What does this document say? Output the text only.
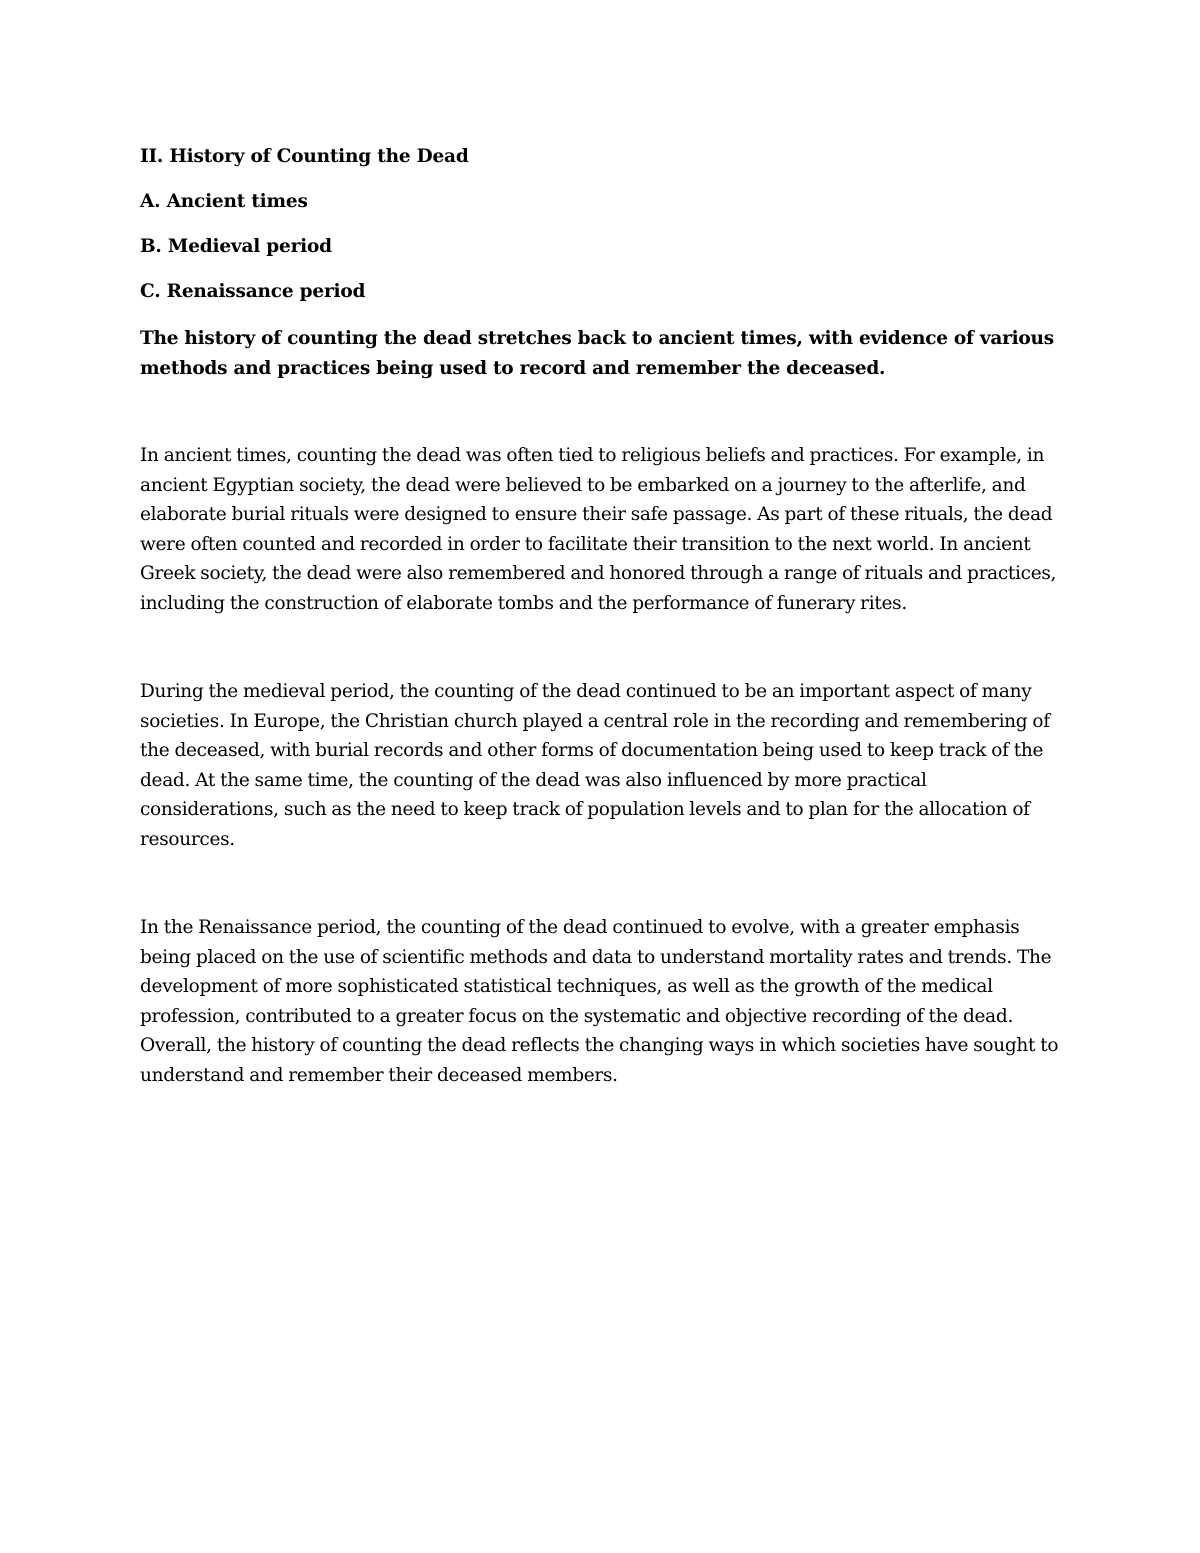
II. History of Counting the Dead
A. Ancient times
B. Medieval period
C. Renaissance period

The history of counting the dead stretches back to ancient times, with evidence of various methods and practices being used to record and remember the deceased.

In ancient times, counting the dead was often tied to religious beliefs and practices. For example, in ancient Egyptian society, the dead were believed to be embarked on a journey to the afterlife, and elaborate burial rituals were designed to ensure their safe passage. As part of these rituals, the dead were often counted and recorded in order to facilitate their transition to the next world. In ancient Greek society, the dead were also remembered and honored through a range of rituals and practices, including the construction of elaborate tombs and the performance of funerary rites.

During the medieval period, the counting of the dead continued to be an important aspect of many societies. In Europe, the Christian church played a central role in the recording and remembering of the deceased, with burial records and other forms of documentation being used to keep track of the dead. At the same time, the counting of the dead was also influenced by more practical considerations, such as the need to keep track of population levels and to plan for the allocation of resources.

In the Renaissance period, the counting of the dead continued to evolve, with a greater emphasis being placed on the use of scientific methods and data to understand mortality rates and trends. The development of more sophisticated statistical techniques, as well as the growth of the medical profession, contributed to a greater focus on the systematic and objective recording of the dead. Overall, the history of counting the dead reflects the changing ways in which societies have sought to understand and remember their deceased members.
